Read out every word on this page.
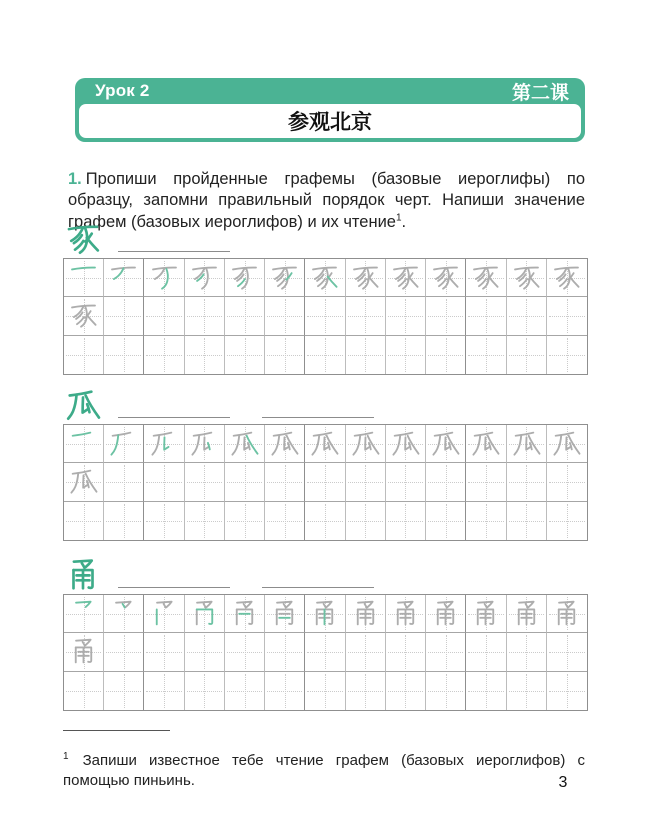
Урок 2	第二课
参观北京

1. Пропиши пройденные графемы (базовые иероглифы) по образцу, запомни правильный порядок черт. Напиши значение графем (базовых иероглифов) и их чтение$^1$.

$^1$ Запиши известное тебе чтение графем (базовых иероглифов) с помощью пиньинь.	3
